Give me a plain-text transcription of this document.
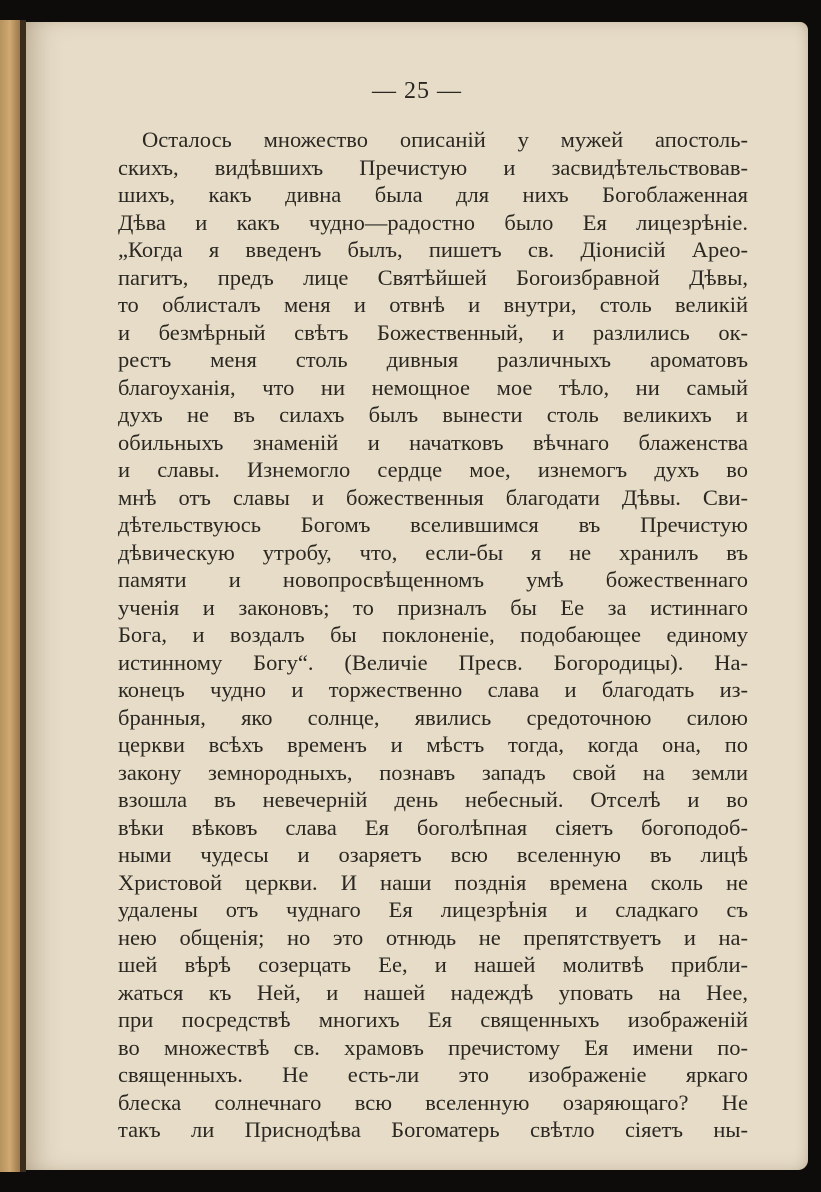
— 25 —
Осталось множество описаній у мужей апостоль-
скихъ, видѣвшихъ Пречистую и засвидѣтельствовав-
шихъ, какъ дивна была для нихъ Богоблаженная
Дѣва и какъ чудно—радостно было Ея лицезрѣніе.
„Когда я введенъ былъ, пишетъ св. Діонисій Арео-
пагитъ, предъ лице Святѣйшей Богоизбравной Дѣвы,
то облисталъ меня и отвнѣ и внутри, столь великій
и безмѣрный свѣтъ Божественный, и разлились ок-
рестъ меня столь дивныя различныхъ ароматовъ
благоуханія, что ни немощное мое тѣло, ни самый
духъ не въ силахъ былъ вынести столь великихъ и
обильныхъ знаменій и начатковъ вѣчнаго блаженства
и славы. Изнемогло сердце мое, изнемогъ духъ во
мнѣ отъ славы и божественныя благодати Дѣвы. Сви-
дѣтельствуюсь Богомъ вселившимся въ Пречистую
дѣвическую утробу, что, если-бы я не хранилъ въ
памяти и новопросвѣщенномъ умѣ божественнаго
ученія и законовъ; то призналъ бы Ее за истиннаго
Бога, и воздалъ бы поклоненіе, подобающее единому
истинному Богу“. (Величіе Пресв. Богородицы). На-
конецъ чудно и торжественно слава и благодать из-
бранныя, яко солнце, явились средоточною силою
церкви всѣхъ временъ и мѣстъ тогда, когда она, по
закону земнородныхъ, познавъ западъ свой на земли
взошла въ невечерній день небесный. Отселѣ и во
вѣки вѣковъ слава Ея боголѣпная сіяетъ богоподоб-
ными чудесы и озаряетъ всю вселенную въ лицѣ
Христовой церкви. И наши позднія времена сколь не
удалены отъ чуднаго Ея лицезрѣнія и сладкаго съ
нею общенія; но это отнюдь не препятствуетъ и на-
шей вѣрѣ созерцать Ее, и нашей молитвѣ прибли-
жаться къ Ней, и нашей надеждѣ уповать на Нее,
при посредствѣ многихъ Ея священныхъ изображеній
во множествѣ св. храмовъ пречистому Ея имени по-
священныхъ. Не есть-ли это изображеніе яркаго
блеска солнечнаго всю вселенную озаряющаго? Не
такъ ли Приснодѣва Богоматерь свѣтло сіяетъ ны-
